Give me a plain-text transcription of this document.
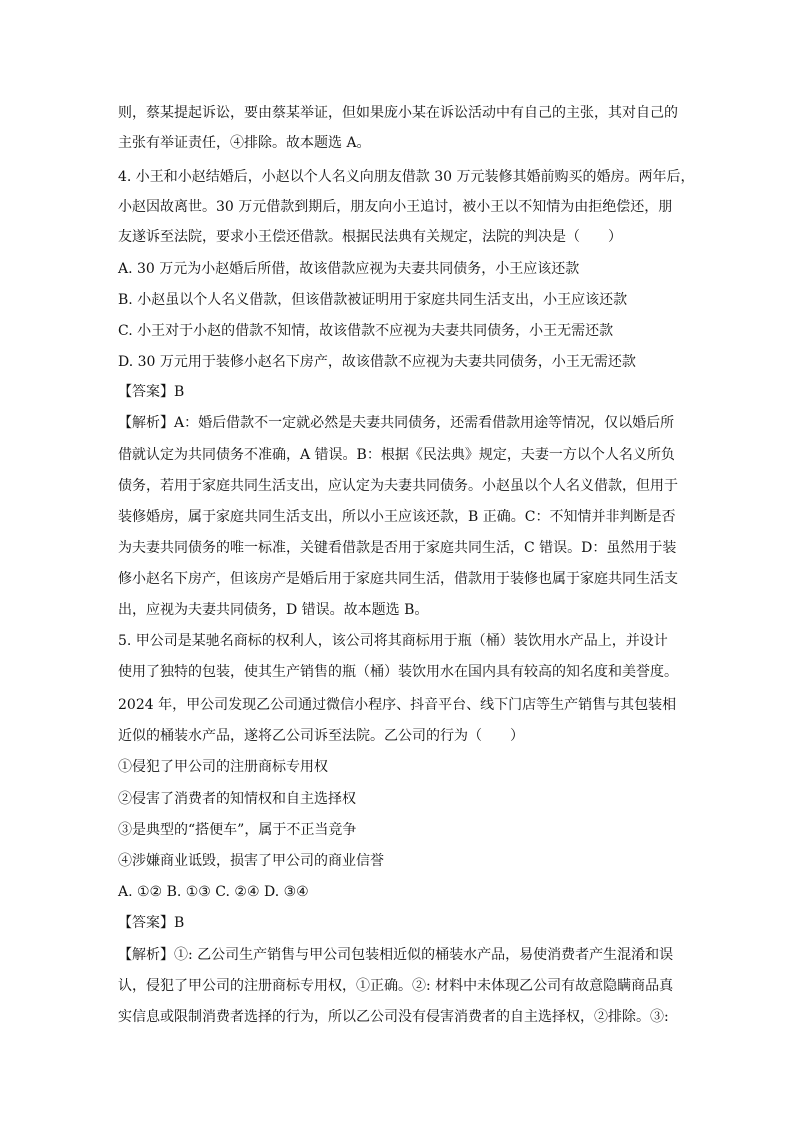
则，蔡某提起诉讼，要由蔡某举证，但如果庞小某在诉讼活动中有自己的主张，其对自己的
主张有举证责任，④排除。故本题选 A。
4. 小王和小赵结婚后，小赵以个人名义向朋友借款 30 万元装修其婚前购买的婚房。两年后，
小赵因故离世。30 万元借款到期后，朋友向小王追讨，被小王以不知情为由拒绝偿还，朋
友遂诉至法院，要求小王偿还借款。根据民法典有关规定，法院的判决是（　　）
A. 30 万元为小赵婚后所借，故该借款应视为夫妻共同债务，小王应该还款
B. 小赵虽以个人名义借款，但该借款被证明用于家庭共同生活支出，小王应该还款
C. 小王对于小赵的借款不知情，故该借款不应视为夫妻共同债务，小王无需还款
D. 30 万元用于装修小赵名下房产，故该借款不应视为夫妻共同债务，小王无需还款
【答案】B
【解析】A：婚后借款不一定就必然是夫妻共同债务，还需看借款用途等情况，仅以婚后所
借就认定为共同债务不准确，A 错误。B：根据《民法典》规定，夫妻一方以个人名义所负
债务，若用于家庭共同生活支出，应认定为夫妻共同债务。小赵虽以个人名义借款，但用于
装修婚房，属于家庭共同生活支出，所以小王应该还款，B 正确。C：不知情并非判断是否
为夫妻共同债务的唯一标准，关键看借款是否用于家庭共同生活，C 错误。D：虽然用于装
修小赵名下房产，但该房产是婚后用于家庭共同生活，借款用于装修也属于家庭共同生活支
出，应视为夫妻共同债务，D 错误。故本题选 B。
5. 甲公司是某驰名商标的权利人，该公司将其商标用于瓶（桶）装饮用水产品上，并设计
使用了独特的包装，使其生产销售的瓶（桶）装饮用水在国内具有较高的知名度和美誉度。
2024 年，甲公司发现乙公司通过微信小程序、抖音平台、线下门店等生产销售与其包装相
近似的桶装水产品，遂将乙公司诉至法院。乙公司的行为（　　）
①侵犯了甲公司的注册商标专用权
②侵害了消费者的知情权和自主选择权
③是典型的“搭便车”，属于不正当竞争
④涉嫌商业诋毁，损害了甲公司的商业信誉
A. ①② B. ①③ C. ②④ D. ③④
【答案】B
【解析】①: 乙公司生产销售与甲公司包装相近似的桶装水产品，易使消费者产生混淆和误
认，侵犯了甲公司的注册商标专用权，①正确。②: 材料中未体现乙公司有故意隐瞒商品真
实信息或限制消费者选择的行为，所以乙公司没有侵害消费者的自主选择权，②排除。③:
